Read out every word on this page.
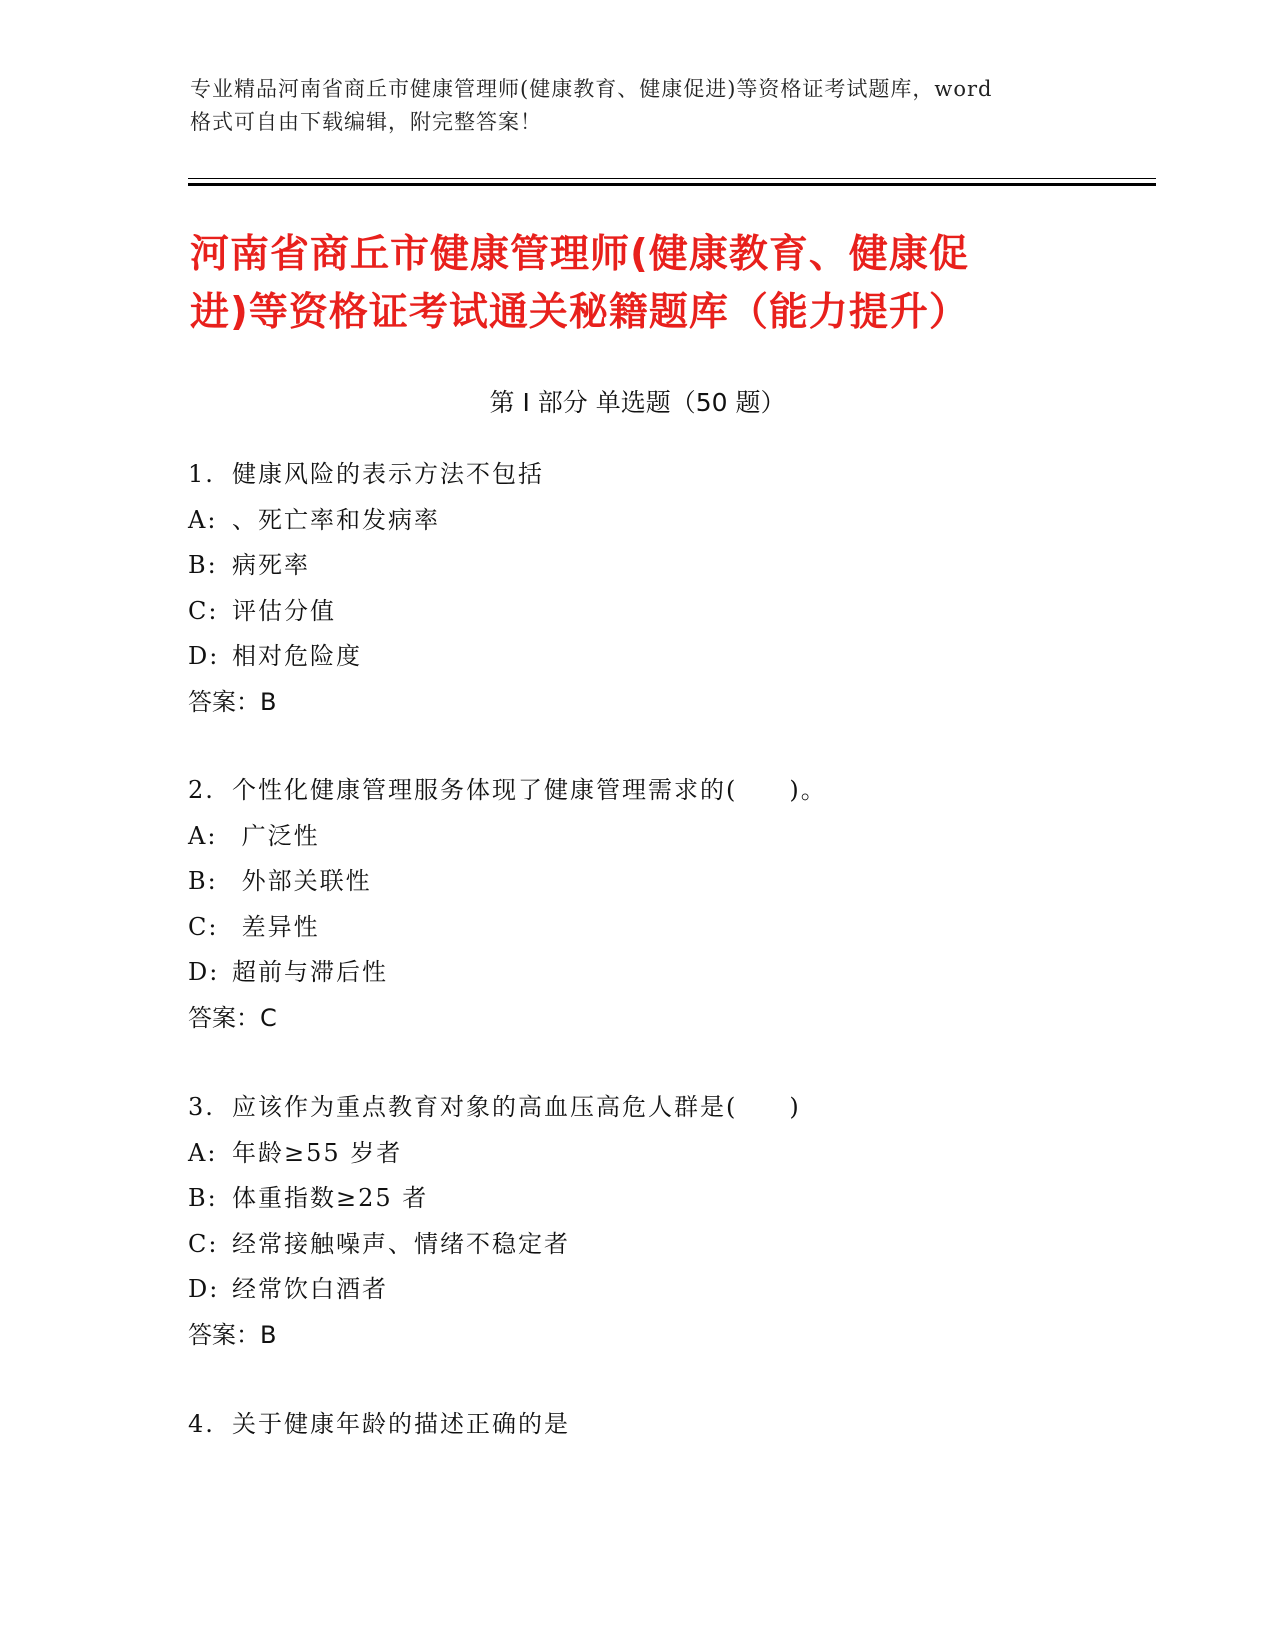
专业精品河南省商丘市健康管理师(健康教育、健康促进)等资格证考试题库，word
格式可自由下载编辑，附完整答案！
河南省商丘市健康管理师(健康教育、健康促
进)等资格证考试通关秘籍题库（能力提升）
第 I 部分 单选题（50 题）
1. 健康风险的表示方法不包括
A: 、死亡率和发病率
B: 病死率
C: 评估分值
D: 相对危险度
答案：B
2. 个性化健康管理服务体现了健康管理需求的(　　)。
A: 广泛性
B: 外部关联性
C: 差异性
D: 超前与滞后性
答案：C
3. 应该作为重点教育对象的高血压高危人群是(　　)
A: 年龄≥55 岁者
B: 体重指数≥25 者
C: 经常接触噪声、情绪不稳定者
D: 经常饮白酒者
答案：B
4. 关于健康年龄的描述正确的是
